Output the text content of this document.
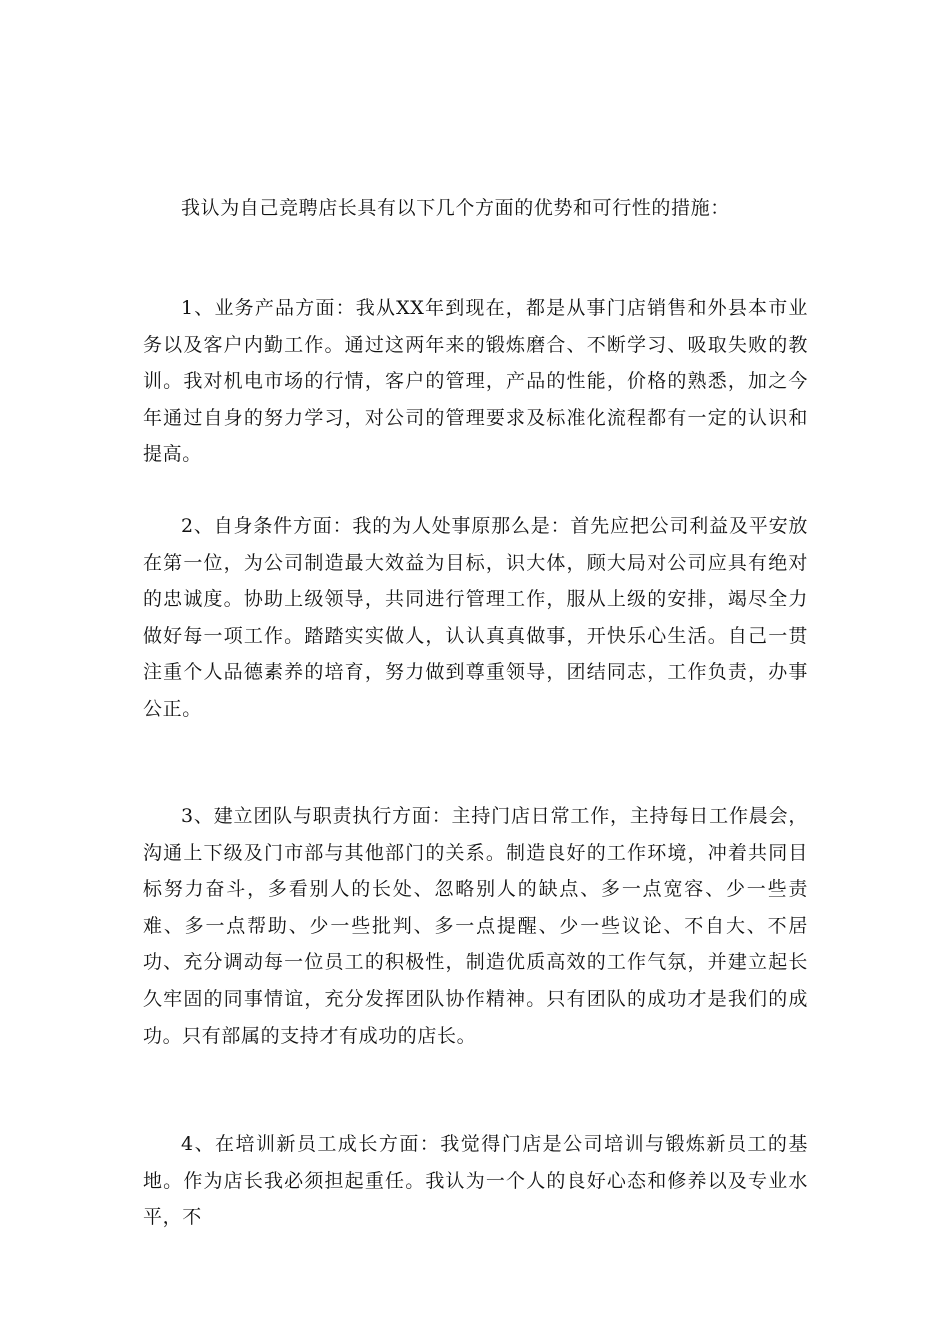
我认为自己竞聘店长具有以下几个方面的优势和可行性的措施：

1、业务产品方面：我从XX年到现在，都是从事门店销售和外县本市业务以及客户内勤工作。通过这两年来的锻炼磨合、不断学习、吸取失败的教训。我对机电市场的行情，客户的管理，产品的性能，价格的熟悉，加之今年通过自身的努力学习，对公司的管理要求及标准化流程都有一定的认识和提高。

2、自身条件方面：我的为人处事原那么是：首先应把公司利益及平安放在第一位，为公司制造最大效益为目标，识大体，顾大局对公司应具有绝对的忠诚度。协助上级领导，共同进行管理工作，服从上级的安排，竭尽全力做好每一项工作。踏踏实实做人，认认真真做事，开快乐心生活。自己一贯注重个人品德素养的培育，努力做到尊重领导，团结同志，工作负责，办事公正。

3、建立团队与职责执行方面：主持门店日常工作，主持每日工作晨会，沟通上下级及门市部与其他部门的关系。制造良好的工作环境，冲着共同目标努力奋斗，多看别人的长处、忽略别人的缺点、多一点宽容、少一些责难、多一点帮助、少一些批判、多一点提醒、少一些议论、不自大、不居功、充分调动每一位员工的积极性，制造优质高效的工作气氛，并建立起长久牢固的同事情谊，充分发挥团队协作精神。只有团队的成功才是我们的成功。只有部属的支持才有成功的店长。

4、在培训新员工成长方面：我觉得门店是公司培训与锻炼新员工的基地。作为店长我必须担起重任。我认为一个人的良好心态和修养以及专业水平，不
